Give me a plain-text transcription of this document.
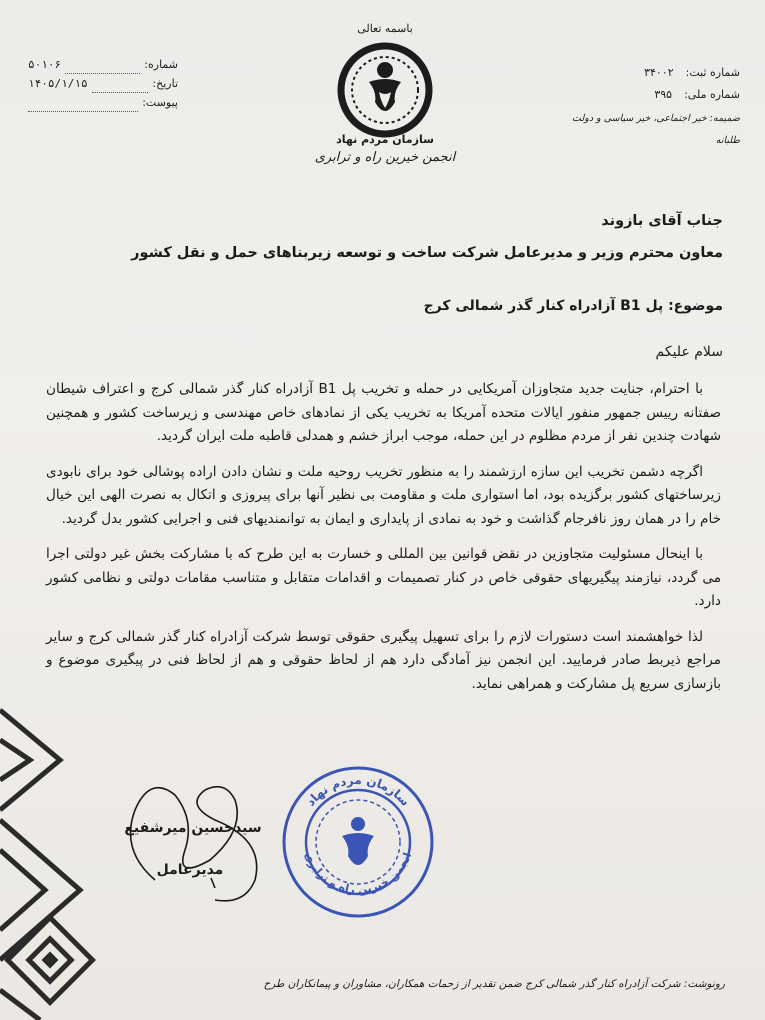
باسمه تعالی
سازمان مردم نهاد
انجمن خیرین راه و ترابری
شماره:
۵۰۱۰۶
تاریخ:
۱۴۰۵/۱/۱۵
پیوست:
شماره ثبت:
۳۴۰۰۲
شماره ملی:
۳۹۵
ضمیمه: خیر اجتماعی، خیر سیاسی و دولت طلبانه
جناب آقای بازوند
معاون محترم وزیر و مدیرعامل شرکت ساخت و توسعه زیربناهای حمل و نقل کشور
موضوع: پل B1 آزادراه کنار گذر شمالی کرج
سلام علیکم

با احترام، جنایت جدید متجاوزان آمریکایی در حمله و تخریب پل B1 آزادراه کنار گذر شمالی کرج و اعتراف شیطان صفتانه رییس جمهور منفور ایالات متحده آمریکا به تخریب یکی از نمادهای خاص مهندسی و زیرساخت کشور و همچنین شهادت چندین نفر از مردم مظلوم در این حمله، موجب ابراز خشم و همدلی قاطبه ملت ایران گردید.

اگرچه دشمن تخریب این سازه ارزشمند را به منظور تخریب روحیه ملت و نشان دادن اراده پوشالی خود برای نابودی زیرساختهای کشور برگزیده بود، اما استواری ملت و مقاومت بی نظیر آنها برای پیروزی و اتکال به نصرت الهی این خیال خام را در همان روز نافرجام گذاشت و خود به نمادی از پایداری و ایمان به توانمندیهای فنی و اجرایی کشور بدل گردید.

با اینحال مسئولیت متجاوزین در نقض قوانین بین المللی و خسارت به این طرح که با مشارکت بخش غیر دولتی اجرا می گردد، نیازمند پیگیریهای حقوقی خاص در کنار تصمیمات و اقدامات متقابل و متناسب مقامات دولتی و نظامی کشور دارد.

لذا خواهشمند است دستورات لازم را برای تسهیل پیگیری حقوقی توسط شرکت آزادراه کنار گذر شمالی کرج و سایر مراجع ذیربط صادر فرمایید. این انجمن نیز آمادگی دارد هم از لحاظ حقوقی و هم از لحاظ فنی در پیگیری موضوع و بازسازی سریع پل مشارکت و همراهی نماید.

سیدحسین میرشفیع
مدیرعامل
سازمان مردم نهاد
انجمن خیرین راه و ترابری
رونوشت: شرکت آزادراه کنار گذر شمالی کرج ضمن تقدیر از زحمات همکاران، مشاوران و پیمانکاران طرح
